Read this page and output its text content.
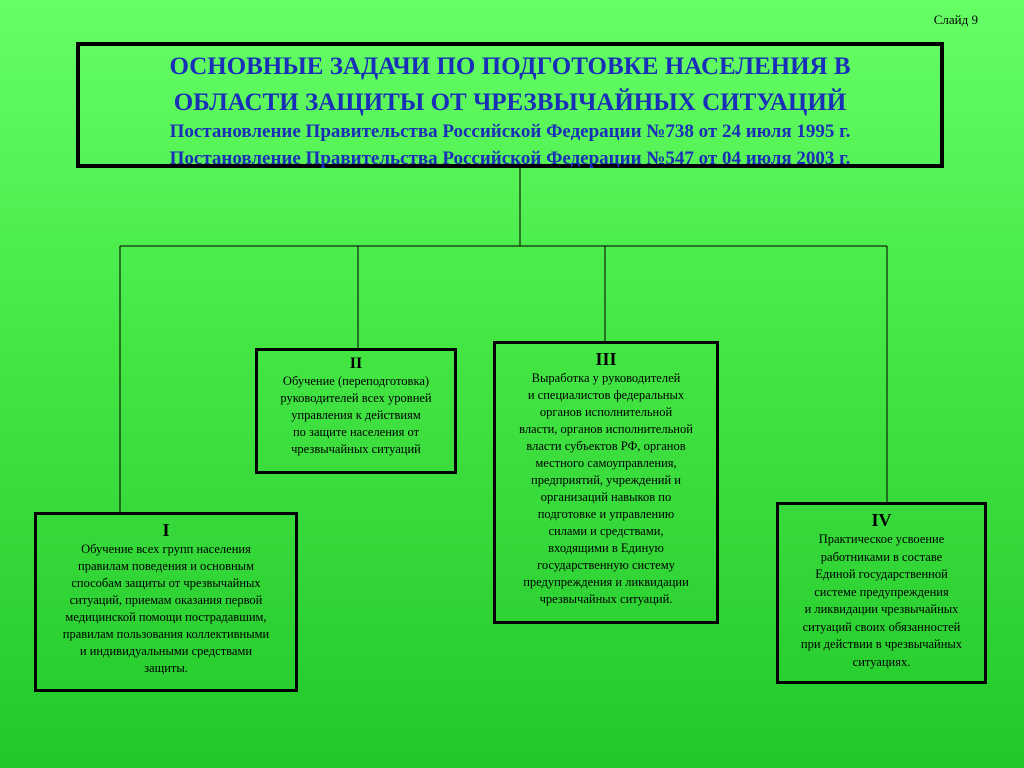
Слайд 9
ОСНОВНЫЕ ЗАДАЧИ ПО ПОДГОТОВКЕ НАСЕЛЕНИЯ В
ОБЛАСТИ ЗАЩИТЫ ОТ ЧРЕЗВЫЧАЙНЫХ СИТУАЦИЙ
Постановление Правительства Российской Федерации №738 от 24 июля 1995 г.
Постановление Правительства Российской Федерации №547 от 04 июля 2003 г.
I
Обучение всех групп населения
правилам поведения и основным
способам защиты от чрезвычайных
ситуаций, приемам оказания первой
медицинской помощи пострадавшим,
правилам пользования коллективными
и индивидуальными средствами
защиты.
II
Обучение (переподготовка)
руководителей всех уровней
управления к действиям
по защите населения от
чрезвычайных ситуаций
III
Выработка у руководителей
и специалистов федеральных
органов исполнительной
власти, органов исполнительной
власти субъектов РФ, органов
местного самоуправления,
предприятий, учреждений и
организаций навыков по
подготовке и управлению
силами и средствами,
входящими в Единую
государственную систему
предупреждения и ликвидации
чрезвычайных ситуаций.
IV
Практическое усвоение
работниками в составе
Единой государственной
системе предупреждения
и ликвидации чрезвычайных
ситуаций своих обязанностей
при действии в чрезвычайных
ситуациях.
